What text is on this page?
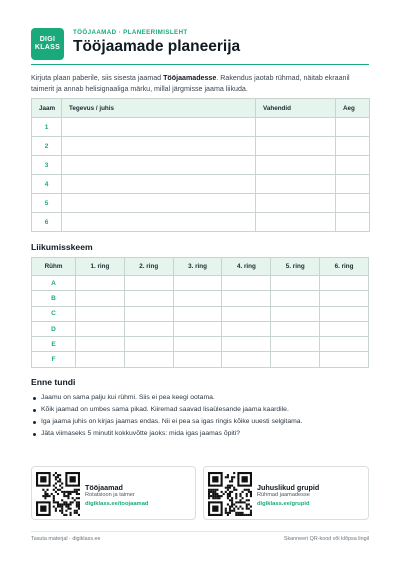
DIGI
KLASS
TÖÖJAAMAD · PLANEERIMISLEHT
Tööjaamade planeerija

Kirjuta plaan paberile, siis sisesta jaamad Tööjaamadesse. Rakendus jaotab rühmad, näitab ekraanil taimerit ja annab helisignaaliga märku, millal järgmisse jaama liikuda.

Jaam	Tegevus / juhis	Vahendid	Aeg
1			
2			
3			
4			
5			
6			
Liikumisskeem
Rühm	1. ring	2. ring	3. ring	4. ring	5. ring	6. ring
A						
B						
C						
D						
E						
F						
Enne tundi
Jaamu on sama palju kui rühmi. Siis ei pea keegi ootama.
Kõik jaamad on umbes sama pikad. Kiiremad saavad lisaülesande jaama kaardile.
Iga jaama juhis on kirjas jaamas endas. Nii ei pea sa igas ringis kõike uuesti selgitama.
Jäta viimaseks 5 minutit kokkuvõtte jaoks: mida igas jaamas õpiti?
Tööjaamad
Rotatsioon ja taimer
digiklass.ee/toojaamad
Juhuslikud grupid
Rühmad jaamadesse
digiklass.ee/grupid
Tasuta materjal · digiklass.ee	Skanneeri QR-kood või klõpsa lingil
